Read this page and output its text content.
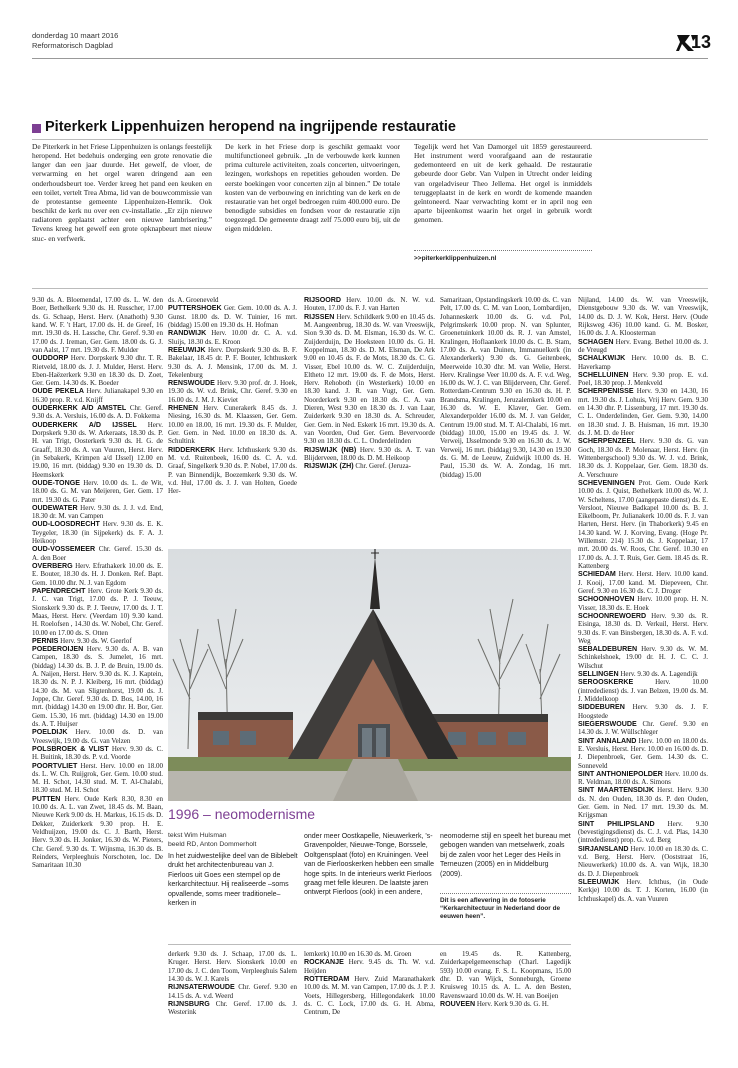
donderdag 10 maart 2016
Reformatorisch Dagblad	13
Piterkerk Lippenhuizen heropend na ingrijpende restauratie

De Piterkerk in het Friese Lippenhuizen is onlangs feestelijk heropend. Het bedehuis onderging een grote renovatie die langer dan een jaar duurde. Het gewelf, de vloer, de verwarming en het orgel waren dringend aan een onderhoudsbeurt toe. Verder kreeg het pand een keuken en een toilet, vertelt Trea Abma, lid van de bouwcommissie van de protestantse gemeente Lippenhuizen-Hemrik. Ook beschikt de kerk nu over een cv-installatie. „Er zijn nieuwe radiatoren geplaatst achter een nieuwe lambrisering.” Tevens kreeg het gewelf een grote opknapbeurt met nieuw stuc- en verfwerk.

De kerk in het Friese dorp is geschikt gemaakt voor multifunctioneel gebruik. „In de verbouwde kerk kunnen prima culturele activiteiten, zoals concerten, uitvoeringen, lezingen, workshops en repetities gehouden worden. De eerste boekingen voor concerten zijn al binnen.” De totale kosten van de verbouwing en inrichting van de kerk en de restauratie van het orgel bedroegen ruim 400.000 euro. De benodigde subsidies en fondsen voor de restauratie zijn toegezegd. De gemeente draagt zelf 75.000 euro bij, uit de eigen middelen.

Tegelijk werd het Van Damorgel uit 1859 gerestaureerd. Het instrument werd voorafgaand aan de restauratie gedemonteerd en uit de kerk gehaald. De restauratie gebeurde door Gebr. Van Vulpen in Utrecht onder leiding van orgeladviseur Theo Jellema. Het orgel is inmiddels teruggeplaatst in de kerk en wordt de komende maanden geïntoneerd. Naar verwachting komt er in april nog een aparte bijeenkomst waarin het orgel in gebruik wordt genomen.

>>piterkerklippenhuizen.nl
9.30 ds. A. Bloemendal, 17.00 ds. L. W. den Boer, Bethelkerk 9.30 ds. H. Russcher, 17.00 ds. G. Schaap, Herst. Herv. (Anathoth) 9.30 kand. W. F. 't Hart, 17.00 ds. H. de Greef, 16 mrt. 19.30 ds. H. Lassche, Chr. Geref. 9.30 en 17.00 ds. J. Ireman, Ger. Gem. 18.00 ds. G. J. van Aalst, 17 mrt. 19.30 ds. F. Mulder
OUDDORP Herv. Dorpskerk 9.30 dhr. T. R. Rietveld, 18.00 ds. J. J. Mulder, Herst. Herv. Eben-Haëzerkerk 9.30 en 18.30 ds. D. Zoet, Ger. Gem. 14.30 ds. K. Boeder
OUDE PEKELA Herv. Julianakapel 9.30 en 16.30 prop. R. v.d. Knijff
OUDERKERK A/D AMSTEL Chr. Geref. 9.30 ds. A. Versluis, 16.00 ds. A. D. Fokkema
OUDERKERK A/D IJSSEL Herv. Dorpskerk 9.30 ds. W. Arkeraats, 18.30 ds. P. H. van Trigt, Oosterkerk 9.30 ds. H. G. de Graaff, 18.30 ds. A. van Vuuren, Herst. Herv. (in Sebakerk, Krimpen a/d IJssel) 12.00 en 19.00, 16 mrt. (biddag) 9.30 en 19.30 ds. D. Heemskerk
OUDE-TONGE Herv. 10.00 ds. L. de Wit, 18.00 ds. G. M. van Meijeren, Ger. Gem. 17 mrt. 19.30 ds. G. Pater
OUDEWATER Herv. 9.30 ds. J. J. v.d. End, 18.30 dr. M. van Campen
OUD-LOOSDRECHT Herv. 9.30 ds. E. K. Teygeler, 18.30 (in Sijpekerk) ds. F. A. J. Heikoop
OUD-VOSSEMEER Chr. Geref. 15.30 ds. A. den Boer
OVERBERG Herv. Efrathakerk 10.00 ds. E. E. Bouter, 18.30 ds. H. J. Donken. Ref. Bapt. Gem. 10.00 dhr. N. J. van Egdom
PAPENDRECHT Herv. Grote Kerk 9.30 ds. J. C. van Trigt, 17.00 ds. P. J. Teeuw, Sionskerk 9.30 ds. P. J. Teeuw, 17.00 ds. J. T. Maas, Herst. Herv. (Veerdam 10) 9.30 kand. H. Roelofsen , 14.30 ds. W. Nobel, Chr. Geref. 10.00 en 17.00 ds. S. Otten
PERNIS Herv. 9.30 ds. W. Geerlof
POEDEROIJEN Herv. 9.30 ds. A. B. van Campen, 18.30 ds. S. Jumelet, 16 mrt. (biddag) 14.30 ds. B. J. P. de Bruin, 19.00 ds. A. Naijen, Herst. Herv. 9.30 ds. K. J. Kaptein, 18.30 ds. N. P. J. Kleiberg, 16 mrt. (biddag) 14.30 ds. M. van Sligtenhorst, 19.00 ds. J. Joppe, Chr. Geref. 9.30 ds. D. Bos, 14.00, 16 mrt. (biddag) 14.30 en 19.00 dhr. H. Bor, Ger. Gem. 15.30, 16 mrt. (biddag) 14.30 en 19.00 ds. A. T. Huijser
POELDIJK Herv. 10.00 ds. D. van Vreeswijk, 19.00 ds. G. van Velzen
POLSBROEK & VLIST Herv. 9.30 ds. C. H. Buitink, 18.30 ds. P. v.d. Voorde
POORTVLIET Herst. Herv. 10.00 en 18.00 ds. L. W. Ch. Ruijgrok, Ger. Gem. 10.00 stud. M. H. Schot, 14.30 stud. M. T. Al-Chalabi, 18.30 stud. M. H. Schot
PUTTEN Herv. Oude Kerk 8.30, 8.30 en 10.00 ds. A. L. van Zwet, 18.45 ds. M. Baan, Nieuwe Kerk 9.00 ds. H. Markus, 16.15 ds. D. Dekker, Zuiderkerk 9.30 prop. H. E. Veldhuijzen, 19.00 ds. C. J. Barth, Herst. Herv. 9.30 ds. H. Jonker, 16.30 ds. W. Pieters, Chr. Geref. 9.30 ds. T. Wijnsma, 16.30 ds. B. Reinders, Verpleeghuis Norschoten, loc. De Samaritaan 10.30
ds. A. Groeneveld
PUTTERSHOEK Ger. Gem. 10.00 ds. A. J. Gunst. 18.00 ds. D. W. Tuinier, 16 mrt. (biddag) 15.00 en 19.30 ds. H. Hofman
RANDWIJK Herv. 10.00 dr. C. A. v.d. Sluijs, 18.30 ds. E. Kroon
REEUWIJK Herv. Dorpskerk 9.30 ds. B. F. Bakelaar, 18.45 dr. P. F. Bouter, Ichthuskerk 9.30 ds. A. J. Mensink, 17.00 ds. M. J. Tekelenburg
RENSWOUDE Herv. 9.30 prof. dr. J. Hoek, 19.30 ds. W. v.d. Brink, Chr. Geref. 9.30 en 16.00 ds. J. M. J. Kieviet
RHENEN Herv. Cunerakerk 8.45 ds. J. Niesing, 16.30 ds. M. Klaassen, Ger. Gem. 10.00 en 18.00, 16 mrt. 19.30 ds. F. Mulder, Ger. Gem. in Ned. 10.00 en 18.30 ds. A. Schultink
RIDDERKERK Herv. Ichthuskerk 9.30 ds. M. v.d. Ruitenbeek, 16.00 ds. C. A. v.d. Graaf, Singelkerk 9.30 ds. P. Nobel, 17.00 ds. P. van Binnendijk, Boezemkerk 9.30 ds. W. v.d. Hul, 17.00 ds. J. J. van Holten, Goede Her-
RIJSOORD Herv. 10.00 ds. N. W. v.d. Houten, 17.00 ds. F. J. van Harten
RIJSSEN Herv. Schildkerk 9.00 en 10.45 ds. M. Aangeenbrug, 18.30 ds. W. van Vreeswijk, Sion 9.30 ds. D. M. Elsman, 16.30 ds. W. C. Zuijderduijn, De Hoeksteen 10.00 ds. G. H. Koppelman, 18.30 ds. D. M. Elsman, De Ark 9.00 en 10.45 ds. F. de Mots, 18.30 ds. C. G. Visser, Ebel 10.00 ds. W. C. Zuijderduijn, Eltheto 12 mrt. 19.00 ds. F. de Mots, Herst. Herv. Rehoboth (in Westerkerk) 10.00 en 18.30 kand. J. R. van Vugt, Ger. Gem. Noorderkerk 9.30 en 18.30 ds. C. A. van Dieren, West 9.30 en 18.30 ds. J. van Laar, Zuiderkerk 9.30 en 18.30 ds. A. Schreuder, Ger. Gem. in Ned. Eskerk 16 mrt. 19.30 ds. A. van Voorden, Oud Ger. Gem. Bevervoorde 9.30 en 18.30 ds. C. L. Onderdelinden
RIJSWIJK (NB) Herv. 9.30 ds. A. T. van Blijderveen, 18.00 ds. D. M. Heikoop
RIJSWIJK (ZH) Chr. Geref. (Jeruza-
Samaritaan, Opstandingskerk 10.00 ds. C. van Pelt, 17.00 ds. C. M. van Loon, Lombardijen, Johanneskerk 10.00 ds. G. v.d. Pol, Pelgrimskerk 10.00 prop. N. van Splunter, Groenetuinkerk 10.00 ds. R. J. van Amstel, Kralingen, Hoflaankerk 10.00 ds. C. B. Stam, 17.00 ds. A. van Duinen, Immanuelkerk (in Alexanderkerk) 9.30 ds. G. Geitenbeek, Meerweide 10.30 dhr. M. van Welie, Herst. Herv. Kralingse Veer 10.00 ds. A. F. v.d. Weg, 16.00 ds. W. J. C. van Blijderveen, Chr. Geref. Rotterdam-Centrum 9.30 en 16.30 ds. H. P. Brandsma, Kralingen, Jeruzalemkerk 10.00 en 16.30 ds. W. E. Klaver, Ger. Gem. Alexanderpolder 16.00 ds. M. J. van Gelder, Centrum 19.00 stud. M. T. Al-Chalabi, 16 mrt. (biddag) 10.00, 15.00 en 19.45 ds. J. W. Verweij, IJsselmonde 9.30 en 16.30 ds. J. W. Verweij, 16 mrt. (biddag) 9.30, 14.30 en 19.30 ds. G. M. de Leeuw, Zuidwijk 10.00 ds. H. Paul, 15.30 ds. W. A. Zondag, 16 mrt. (biddag) 15.00
Nijland, 14.00 ds. W. van Vreeswijk, Dienstgebouw 9.30 ds. W. van Vreeswijk, 14.00 ds. D. J. W. Kok, Herst. Herv. (Oude Rijksweg 436) 10.00 kand. G. M. Bosker, 16.00 ds. J. A. Kloosterman
SCHAGEN Herv. Evang. Bethel 10.00 ds. J. de Vreugd
SCHALKWIJK Herv. 10.00 ds. B. C. Haverkamp
SCHELLUINEN Herv. 9.30 prop. E. v.d. Poel, 18.30 prop. J. Menkveld
SCHERPENISSE Herv. 9.30 en 14.30, 16 mrt. 19.30 ds. J. Lohuis, Vrij Herv. Gem. 9.30 en 14.30 dhr. P. Lissenburg, 17 mrt. 19.30 ds. C. L. Onderdelinden, Ger. Gem. 9.30, 14.00 en 18.30 stud. J. B. Huisman, 16 mrt. 19.30 ds. J. M. D. de Heer
SCHERPENZEEL Herv. 9.30 ds. G. van Goch, 18.30 ds. P. Molenaar, Herst. Herv. (in Wittenbergschool) 9.30 ds. W. J. v.d. Brink, 18.30 ds. J. Koppelaar, Ger. Gem. 18.30 ds. A. Verschuure
SCHEVENINGEN Prot. Gem. Oude Kerk 10.00 ds. J. Quist, Bethelkerk 10.00 ds. W. J. W. Scheltens, 17.00 (aangepaste dienst) ds. E. Versloot, Nieuwe Badkapel 10.00 ds. B. J. Eikelboom, Pr. Julianakerk 10.00 ds. F. J. van Harten, Herst. Herv. (in Thaborkerk) 9.45 en 14.30 kand. W. J. Korving, Evang. (Hoge Pr. Willemstr. 214) 15.30 ds. J. Koppelaar, 17 mrt. 20.00 ds. W. Roos, Chr. Geref. 10.30 en 17.00 ds. A. J. T. Ruis, Ger. Gem. 18.45 ds. R. Kattenberg
SCHIEDAM Herv. Herst. Herv. 10.00 kand. J. Kooij, 17.00 kand. M. Diepeveen, Chr. Geref. 9.30 en 16.30 ds. C. J. Droger
SCHOONHOVEN Herv. 10.00 prop. H. N. Visser, 18.30 ds. E. Hoek
SCHOONREWOERD Herv. 9.30 ds. R. Eisinga, 18.30 ds. D. Verkuil, Herst. Herv. 9.30 ds. F. van Binsbergen, 18.30 ds. A. F. v.d. Weg
SEBALDEBUREN Herv. 9.30 ds. W. M. Schinkelshoek, 19.00 dr. H. J. C. C. J. Wilschut
SELLINGEN Herv. 9.30 ds. A. Lagendijk
SEROOSKERKE	Herv. 10.00 (intrededienst) ds. J. van Belzen, 19.00 ds. M. J. Middelkoop
SIDDEBUREN Herv. 9.30 ds. J. F. Hoogstede
SIEGERSWOUDE Chr. Geref. 9.30 en 14.30 ds. J. W. Wüllschleger
SINT ANNALAND Herv. 10.00 en 18.00 ds. E. Versluis, Herst. Herv. 10.00 en 16.00 ds. D. J. Diepenbroek, Ger. Gem. 14.30 ds. C. Sonneveld
SINT ANTHONIEPOLDER Herv. 10.00 ds. R. Veldman, 18.00 ds. A. Simons
SINT MAARTENSDIJK Herst. Herv. 9.30 ds. N. den Ouden, 18.30 ds. P. den Ouden, Ger. Gem. in Ned. 17 mrt. 19.30 ds. M. Krijgsman
SINT PHILIPSLAND Herv. 9.30 (bevestigingsdienst) ds. C. J. v.d. Plas, 14.30 (intrededienst) prop. G. v.d. Berg
SIRJANSLAND Herv. 10.00 en 18.30 ds. C. v.d. Berg, Herst. Herv. (Ooststraat 16, Nieuwerkerk) 10.00 ds. A. van Wijk, 18.30 ds. D. J. Diepenbroek
SLEEUWIJK Herv. Ichthus, (in Oude Kerkje) 10.00 ds. T. J. Korten, 16.00 (in Ichthuskapel) ds. A. van Vuuren
derkerk 9.30 ds. J. Schaap, 17.00 ds. L. Kruger. Herst. Herv. Sionskerk 10.00 en 17.00 ds. J. C. den Toom, Verpleeghuis Salem 14.30 ds. W. J. Karels
RIJNSATERWOUDE Chr. Geref. 9.30 en 14.15 ds. A. v.d. Weerd
RIJNSBURG Chr. Geref. 17.00 ds. J. Westerink
lemkerk) 10.00 en 16.30 ds. M. Groen
ROCKANJE Herv. 9.45 ds. Th. W. v.d. Heijden
ROTTERDAM Herv. Zuid Maranathakerk 10.00 ds. M. M. van Campen, 17.00 ds. J. P. J. Voets, Hillegersberg, Hillegondakerk 10.00 ds. C. C. Lock, 17.00 ds. G. H. Abma, Centrum, De
en 19.45 ds. R. Kattenberg, Zuiderkapelgemeenschap (Charl. Lagedijk 593) 10.00 evang. F. S. L. Koopmans, 15.00 dhr. D. van Wijck, Sonneburgh, Groene Kruisweg 10.15 ds. A. L. A. den Besten, Ravenswaard 10.00 ds. W. H. van Boeijen
ROUVEEN Herv. Kerk 9.30 ds. G. H.
1996 – neomodernisme
tekst Wim Hulsman
beeld RD, Anton Dommerholt

In het zuidwestelijke deel van de Biblebelt drukt het architectenbureau van J. Fierloos uit Goes een stempel op de kerkarchitectuur. Hij realiseerde –soms opvallende, soms meer traditionele– kerken in

onder meer Oostkapelle, Nieuwerkerk, 's-Gravenpolder, Nieuwe-Tonge, Borssele, Ooltgensplaat (foto) en Kruiningen. Veel van de Fierlooskerken hebben een smalle hoge spits. In de interieurs werkt Fierloos graag met felle kleuren. De laatste jaren ontwerpt Fierloos (ook) in een andere,

neomoderne stijl en speelt het bureau met gebogen wanden van metselwerk, zoals bij de zalen voor het Leger des Heils in Terneuzen (2005) en in Middelburg (2009).

Dit is een aflevering in de fotoserie “Kerkarchitectuur in Nederland door de eeuwen heen”.
